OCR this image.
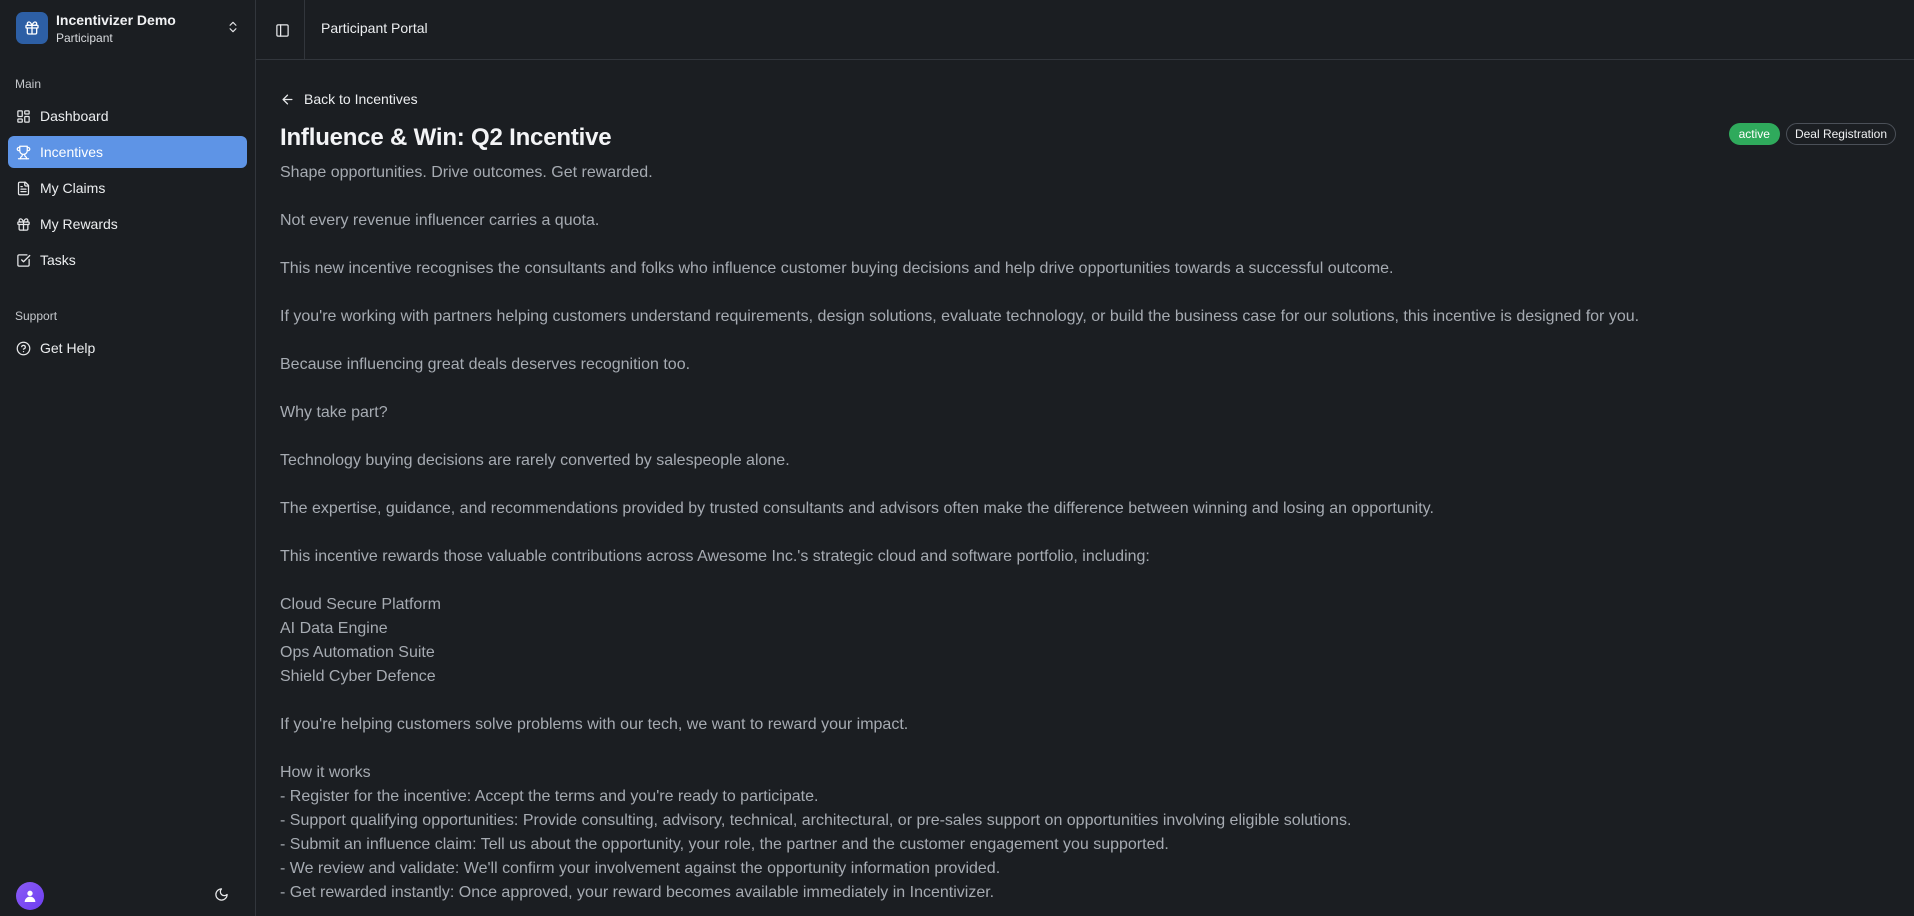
Incentivizer Demo
Participant
Main
Dashboard
Incentives
My Claims
My Rewards
Tasks
Support
Get Help
Participant Portal
Back to Incentives
Influence & Win: Q2 Incentive	active	Deal Registration

Shape opportunities. Drive outcomes. Get rewarded.

Not every revenue influencer carries a quota.

This new incentive recognises the consultants and folks who influence customer buying decisions and help drive opportunities towards a successful outcome.

If you're working with partners helping customers understand requirements, design solutions, evaluate technology, or build the business case for our solutions, this incentive is designed for you.

Because influencing great deals deserves recognition too.

Why take part?

Technology buying decisions are rarely converted by salespeople alone.

The expertise, guidance, and recommendations provided by trusted consultants and advisors often make the difference between winning and losing an opportunity.

This incentive rewards those valuable contributions across Awesome Inc.'s strategic cloud and software portfolio, including:

Cloud Secure Platform

AI Data Engine

Ops Automation Suite

Shield Cyber Defence

If you're helping customers solve problems with our tech, we want to reward your impact.

How it works

- Register for the incentive: Accept the terms and you're ready to participate.

- Support qualifying opportunities: Provide consulting, advisory, technical, architectural, or pre-sales support on opportunities involving eligible solutions.

- Submit an influence claim: Tell us about the opportunity, your role, the partner and the customer engagement you supported.

- We review and validate: We'll confirm your involvement against the opportunity information provided.

- Get rewarded instantly: Once approved, your reward becomes available immediately in Incentivizer.
